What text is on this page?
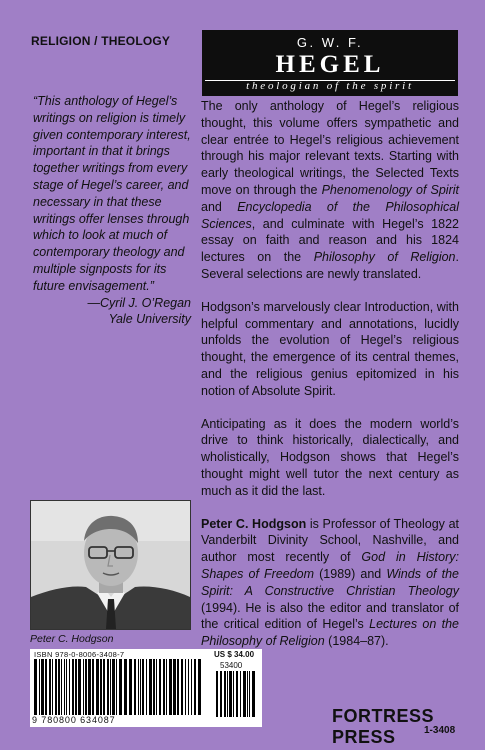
RELIGION / THEOLOGY	G. W. F.
HEGEL
theologian of the spirit
“This anthology of Hegel’s writings on religion is timely given contemporary interest, important in that it brings together writings from every stage of Hegel’s career, and necessary in that these writings offer lenses through which to look at much of contemporary theology and multiple signposts for its future envisagement.”
—Cyril J. O’Regan
Yale University

The only anthology of Hegel’s religious thought, this volume offers sympathetic and clear entrée to Hegel’s religious achievement through his major relevant texts. Starting with early theological writings, the Selected Texts move on through the Phenomenology of Spirit and Encyclopedia of the Philosophical Sciences, and culminate with Hegel’s 1822 essay on faith and reason and his 1824 lectures on the Philosophy of Religion. Several selections are newly translated.

Hodgson’s marvelously clear Introduction, with helpful commentary and annotations, lucidly unfolds the evolution of Hegel’s religious thought, the emergence of its central themes, and the religious genius epitomized in his notion of Absolute Spirit.

Anticipating as it does the modern world’s drive to think historically, dialectically, and wholistically, Hodgson shows that Hegel’s thought might well tutor the next century as much as it did the last.

Peter C. Hodgson is Professor of Theology at Vanderbilt Divinity School, Nashville, and author most recently of God in History: Shapes of Freedom (1989) and Winds of the Spirit: A Constructive Christian Theology (1994). He is also the editor and translator of the critical edition of Hegel’s Lectures on the Philosophy of Religion (1984–87).

Peter C. Hodgson
ISBN 978-0-8006-3408-7	US $ 34.00
53400
9 780800 634087	FORTRESS PRESS	1-3408
